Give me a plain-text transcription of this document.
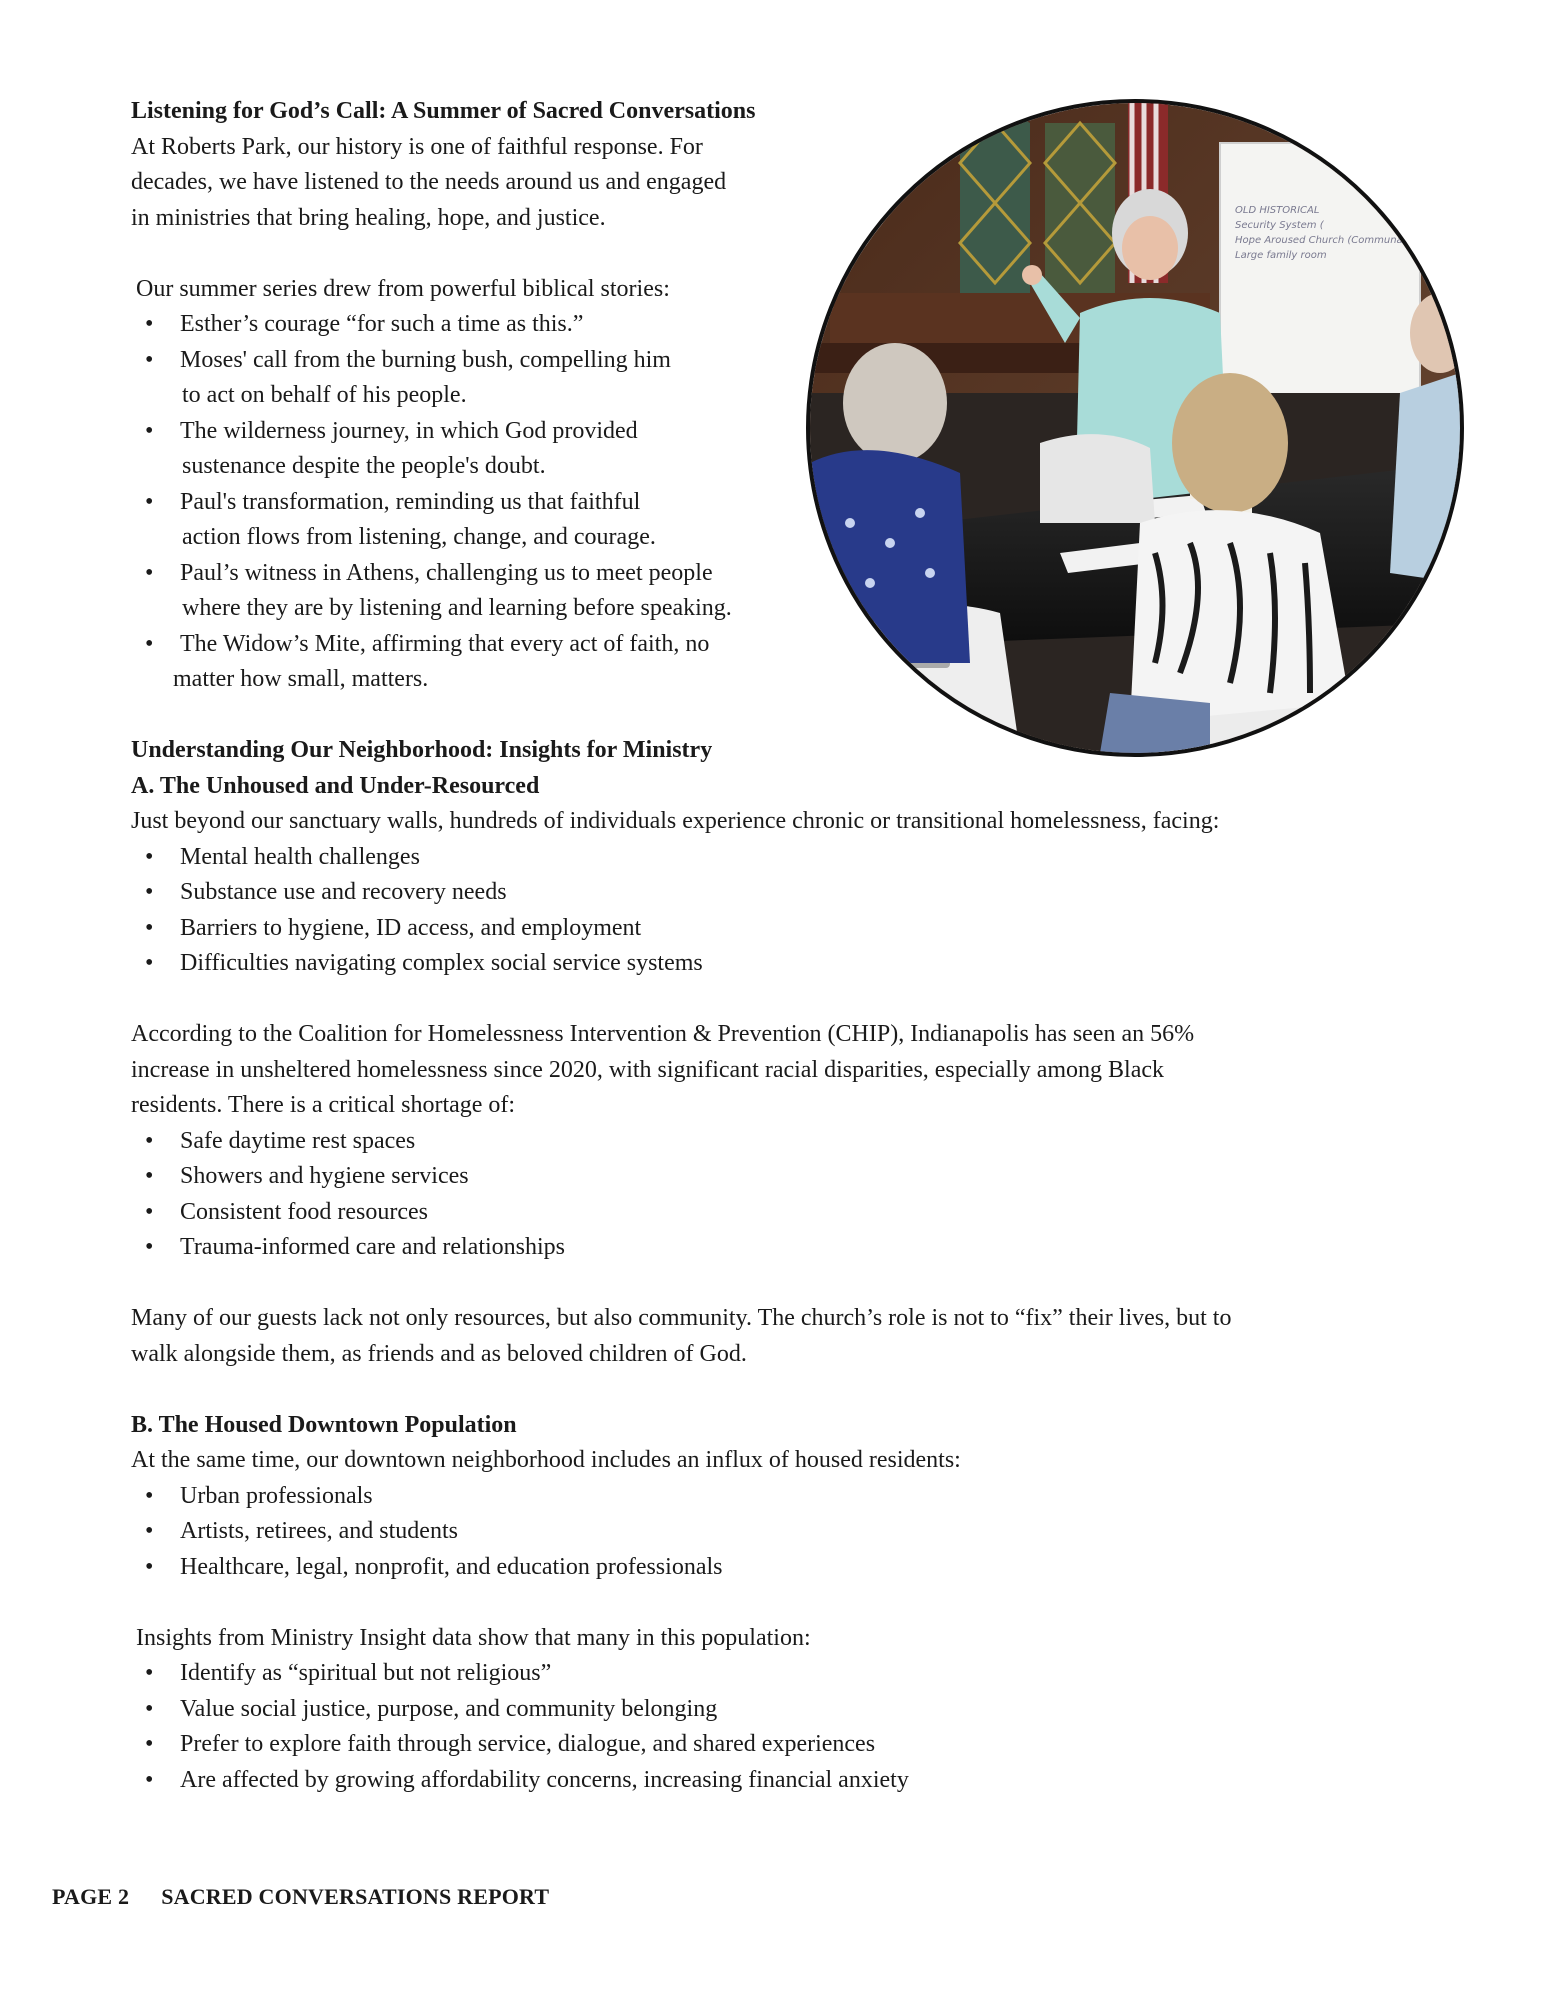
Listening for God’s Call: A Summer of Sacred Conversations

At Roberts Park, our history is one of faithful response. For

decades, we have listened to the needs around us and engaged

in ministries that bring healing, hope, and justice.

Our summer series drew from powerful biblical stories:

• Esther’s courage “for such a time as this.”
• Moses' call from the burning bush, compelling him
to act on behalf of his people.
• The wilderness journey, in which God provided
sustenance despite the people's doubt.
• Paul's transformation, reminding us that faithful
action flows from listening, change, and courage.
• Paul’s witness in Athens, challenging us to meet people
where they are by listening and learning before speaking.
• The Widow’s Mite, affirming that every act of faith, no
matter how small, matters.

Understanding Our Neighborhood: Insights for Ministry

A. The Unhoused and Under-Resourced

Just beyond our sanctuary walls, hundreds of individuals experience chronic or transitional homelessness, facing:

• Mental health challenges
• Substance use and recovery needs
• Barriers to hygiene, ID access, and employment
• Difficulties navigating complex social service systems

According to the Coalition for Homelessness Intervention & Prevention (CHIP), Indianapolis has seen an 56%

increase in unsheltered homelessness since 2020, with significant racial disparities, especially among Black

residents. There is a critical shortage of:

• Safe daytime rest spaces
• Showers and hygiene services
• Consistent food resources
• Trauma-informed care and relationships

Many of our guests lack not only resources, but also community. The church’s role is not to “fix” their lives, but to

walk alongside them, as friends and as beloved children of God.

B. The Housed Downtown Population

At the same time, our downtown neighborhood includes an influx of housed residents:

• Urban professionals
• Artists, retirees, and students
• Healthcare, legal, nonprofit, and education professionals

Insights from Ministry Insight data show that many in this population:

• Identify as “spiritual but not religious”
• Value social justice, purpose, and community belonging
• Prefer to explore faith through service, dialogue, and shared experiences
• Are affected by growing affordability concerns, increasing financial anxiety
OLD HISTORICAL
Security System (
Hope Aroused Church (Communal)
Large family room
PAGE 2 SACRED CONVERSATIONS REPORT
